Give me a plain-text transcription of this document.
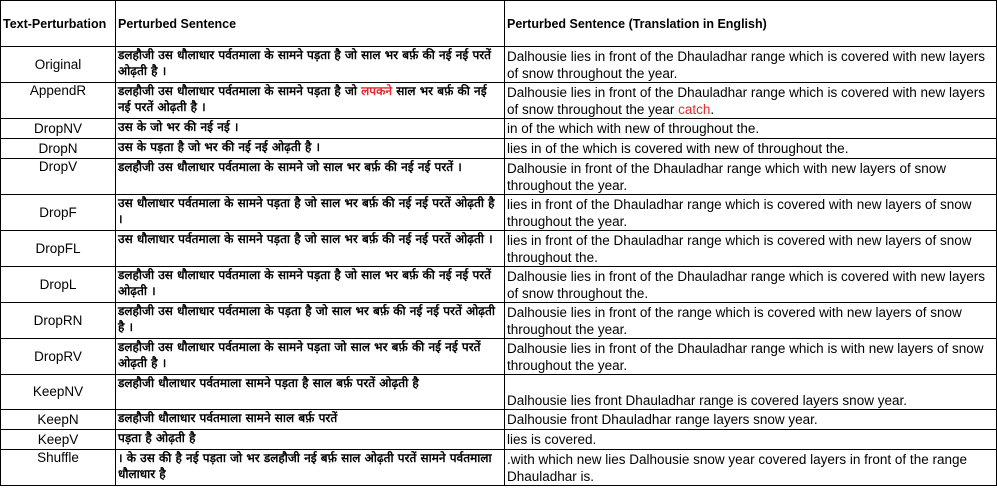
Text-Perturbation	Perturbed Sentence	Perturbed Sentence (Translation in English)
Original	डलहौजी उस धौलाधार पर्वतमाला के सामने पड़ता है जो साल भर बर्फ़ की नई नई परतें ओढ़ती है ।	Dalhousie lies in front of the Dhauladhar range which is covered with new layers of snow throughout the year.
AppendR	डलहौजी उस धौलाधार पर्वतमाला के सामने पड़ता है जो लपकने साल भर बर्फ़ की नई नई परतें ओढ़ती है ।	Dalhousie lies in front of the Dhauladhar range which is covered with new layers of snow throughout the year catch.
DropNV	उस के जो भर की नई नई ।	in of the which with new of throughout the.
DropN	उस के पड़ता है जो भर की नई नई ओढ़ती है ।	lies in of the which is covered with new of throughout the.
DropV	डलहौजी उस धौलाधार पर्वतमाला के सामने जो साल भर बर्फ़ की नई नई परतें ।	Dalhousie in front of the Dhauladhar range which with new layers of snow throughout the year.
DropF	उस धौलाधार पर्वतमाला के सामने पड़ता है जो साल भर बर्फ़ की नई नई परतें ओढ़ती है ।	lies in front of the Dhauladhar range which is covered with new layers of snow throughout the year.
DropFL	उस धौलाधार पर्वतमाला के सामने पड़ता है जो साल भर बर्फ़ की नई नई परतें ओढ़ती ।	lies in front of the Dhauladhar range which is covered with new layers of snow throughout the.
DropL	डलहौजी उस धौलाधार पर्वतमाला के सामने पड़ता है जो साल भर बर्फ़ की नई नई परतें ओढ़ती ।	Dalhousie lies in front of the Dhauladhar range which is covered with new layers of snow throughout the.
DropRN	डलहौजी उस धौलाधार पर्वतमाला के पड़ता है जो साल भर बर्फ़ की नई नई परतें ओढ़ती है ।	Dalhousie lies in front of the range which is covered with new layers of snow throughout the year.
DropRV	डलहौजी उस धौलाधार पर्वतमाला के सामने पड़ता जो साल भर बर्फ़ की नई नई परतें ओढ़ती है ।	Dalhousie lies in front of the Dhauladhar range which is with new layers of snow throughout the year.
KeepNV	डलहौजी धौलाधार पर्वतमाला सामने पड़ता है साल बर्फ़ परतें ओढ़ती है	Dalhousie lies front Dhauladhar range is covered layers snow year.
KeepN	डलहौजी धौलाधार पर्वतमाला सामने साल बर्फ़ परतें	Dalhousie front Dhauladhar range layers snow year.
KeepV	पड़ता है ओढ़ती है	lies is covered.
Shuffle	। के उस की है नई पड़ता जो भर डलहौजी नई बर्फ़ साल ओढ़ती परतें सामने पर्वतमाला धौलाधार है	.with which new lies Dalhousie snow year covered layers in front of the range Dhauladhar is.
